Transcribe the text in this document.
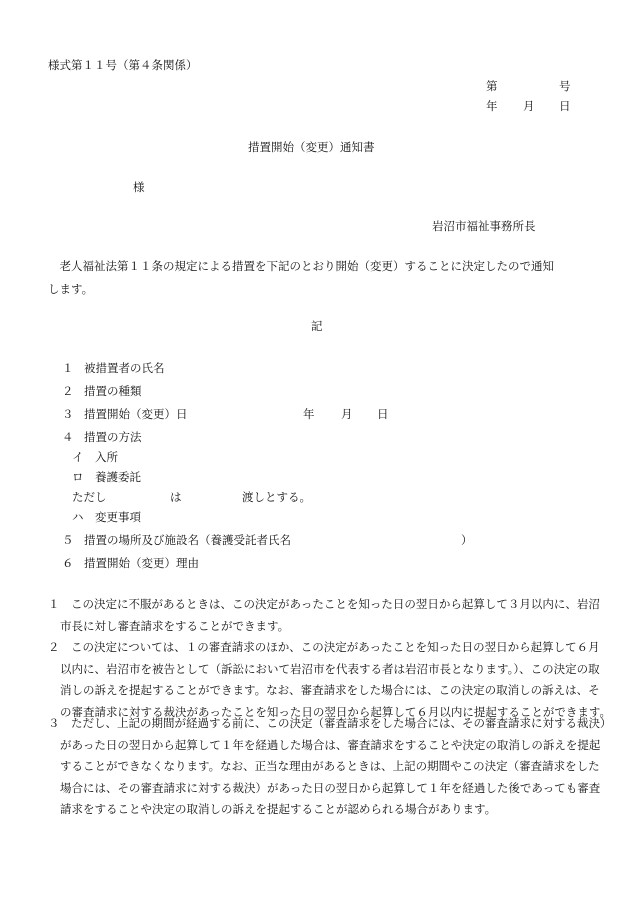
様式第１１号（第４条関係）
第	号
年 月 日
措置開始（変更）通知書
様
岩沼市福祉事務所長
　老人福祉法第１１条の規定による措置を下記のとおり開始（変更）することに決定したので通知
します。
記
１ 被措置者の氏名
２ 措置の種類
３ 措置開始（変更）日	年 月 日
４ 措置の方法
イ　入所
ロ　養護委託
ただし	は	渡しとする。
ハ　変更事項
５ 措置の場所及び施設名（養護受託者氏名	）
６ 措置開始（変更）理由
１　 この決定に不服があるときは、この決定があったことを知った日の翌日から起算して３月以内に、岩沼
市長に対し審査請求をすることができます。
２　 この決定については、１の審査請求のほか、この決定があったことを知った日の翌日から起算して６月
以内に、岩沼市を被告として（訴訟において岩沼市を代表する者は岩沼市長となります。）、この決定の取
消しの訴えを提起することができます。なお、審査請求をした場合には、この決定の取消しの訴えは、そ
の審査請求に対する裁決があったことを知った日の翌日から起算して６月以内に提起することができます。
３　 ただし、上記の期間が経過する前に、この決定（審査請求をした場合には、その審査請求に対する裁決）
があった日の翌日から起算して１年を経過した場合は、審査請求をすることや決定の取消しの訴えを提起
することができなくなります。なお、正当な理由があるときは、上記の期間やこの決定（審査請求をした
場合には、その審査請求に対する裁決）があった日の翌日から起算して１年を経過した後であっても審査
請求をすることや決定の取消しの訴えを提起することが認められる場合があります。
